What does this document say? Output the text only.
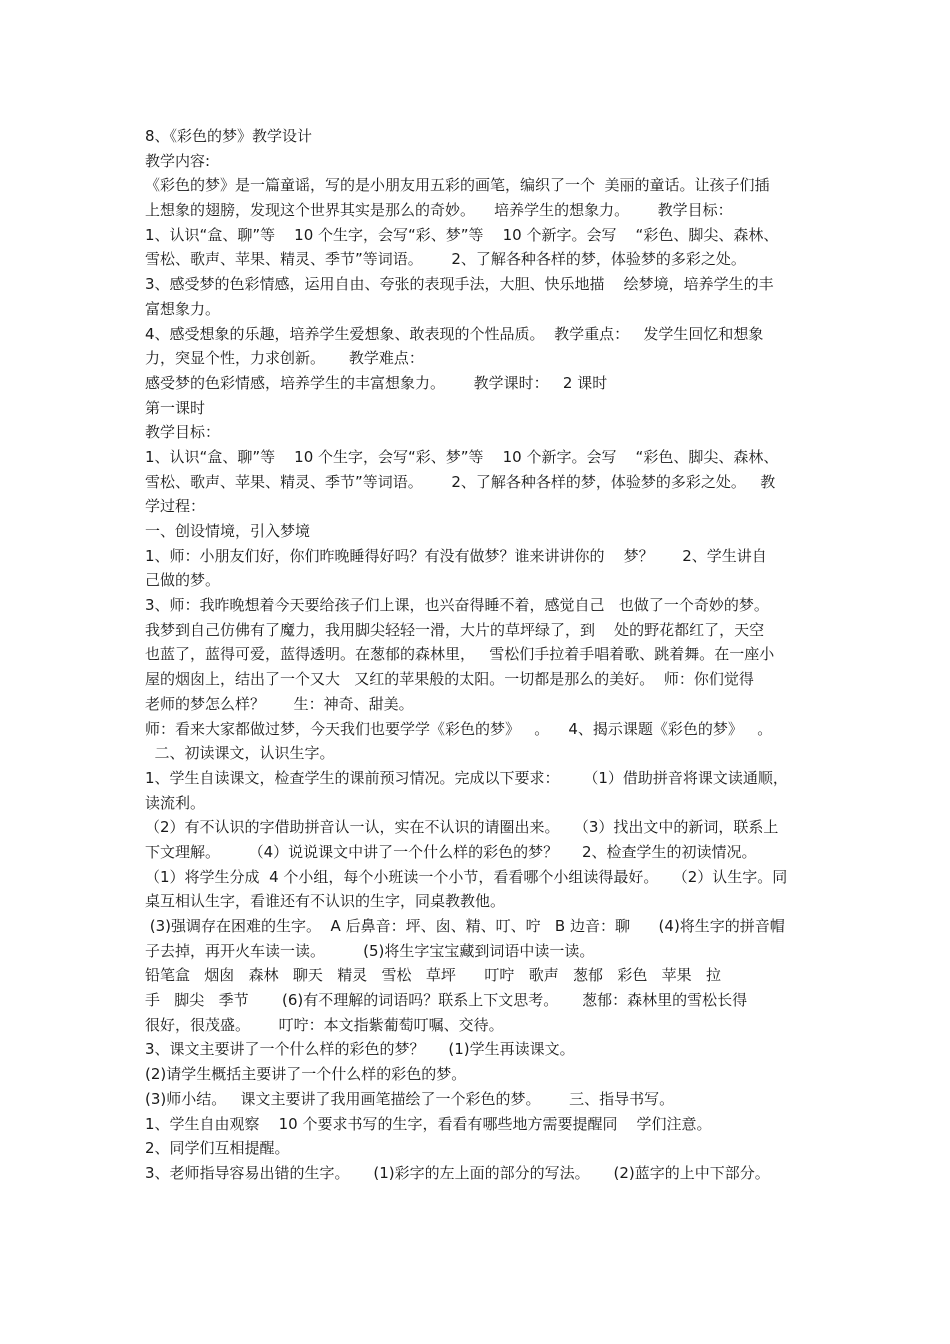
8、《彩色的梦》教学设计

教学内容:

《彩色的梦》是一篇童谣，写的是小朋友用五彩的画笔，编织了一个  美丽的童话。让孩子们插

上想象的翅膀，发现这个世界其实是那么的奇妙。    培养学生的想象力。      教学目标：

1、认识“盒、聊”等    10 个生字，会写“彩、梦”等    10 个新字。会写    “彩色、脚尖、森林、

雪松、歌声、苹果、精灵、季节”等词语。      2、了解各种各样的梦，体验梦的多彩之处。

3、感受梦的色彩情感，运用自由、夸张的表现手法，大胆、快乐地描    绘梦境，培养学生的丰

富想象力。

4、感受想象的乐趣，培养学生爱想象、敢表现的个性品质。  教学重点：   发学生回忆和想象

力，突显个性，力求创新。     教学难点：

感受梦的色彩情感，培养学生的丰富想象力。      教学课时：   2 课时

第一课时

教学目标：

1、认识“盒、聊”等    10 个生字，会写“彩、梦”等    10 个新字。会写    “彩色、脚尖、森林、

雪松、歌声、苹果、精灵、季节”等词语。      2、了解各种各样的梦，体验梦的多彩之处。   教

学过程：

一、创设情境，引入梦境

1、师：小朋友们好，你们昨晚睡得好吗？有没有做梦？谁来讲讲你的    梦？      2、学生讲自

己做的梦。

3、师：我昨晚想着今天要给孩子们上课，也兴奋得睡不着，感觉自己   也做了一个奇妙的梦。

我梦到自己仿佛有了魔力，我用脚尖轻轻一滑，大片的草坪绿了，到    处的野花都红了，天空

也蓝了，蓝得可爱，蓝得透明。在葱郁的森林里，   雪松们手拉着手唱着歌、跳着舞。在一座小

屋的烟囱上，结出了一个又大   又红的苹果般的太阳。一切都是那么的美好。  师：你们觉得

老师的梦怎么样？      生：神奇、甜美。

师：看来大家都做过梦，今天我们也要学学《彩色的梦》   。    4、揭示课题《彩色的梦》   。

二、初读课文，认识生字。

1、学生自读课文，检查学生的课前预习情况。完成以下要求：     （1）借助拼音将课文读通顺，

读流利。

（2）有不认识的字借助拼音认一认，实在不认识的请圈出来。   （3）找出文中的新词，联系上

下文理解。      （4）说说课文中讲了一个什么样的彩色的梦？     2、检查学生的初读情况。

（1）将学生分成  4 个小组，每个小班读一个小节，看看哪个小组读得最好。   （2）认生字。同

桌互相认生字，看谁还有不认识的生字，同桌教教他。

(3)强调存在困难的生字。  A 后鼻音：坪、囱、精、叮、咛   B 边音：聊      (4)将生字的拼音帽

子去掉，再开火车读一读。        (5)将生字宝宝藏到词语中读一读。

铅笔盒   烟囱   森林   聊天   精灵   雪松   草坪      叮咛   歌声   葱郁   彩色   苹果   拉

手   脚尖   季节       (6)有不理解的词语吗？联系上下文思考。     葱郁：森林里的雪松长得

很好，很茂盛。      叮咛：本文指紫葡萄叮嘱、交待。

3、课文主要讲了一个什么样的彩色的梦？     (1)学生再读课文。

(2)请学生概括主要讲了一个什么样的彩色的梦。

(3)师小结。   课文主要讲了我用画笔描绘了一个彩色的梦。      三、指导书写。

1、学生自由观察    10 个要求书写的生字，看看有哪些地方需要提醒同    学们注意。

2、同学们互相提醒。

3、老师指导容易出错的生字。     (1)彩字的左上面的部分的写法。     (2)蓝字的上中下部分。
